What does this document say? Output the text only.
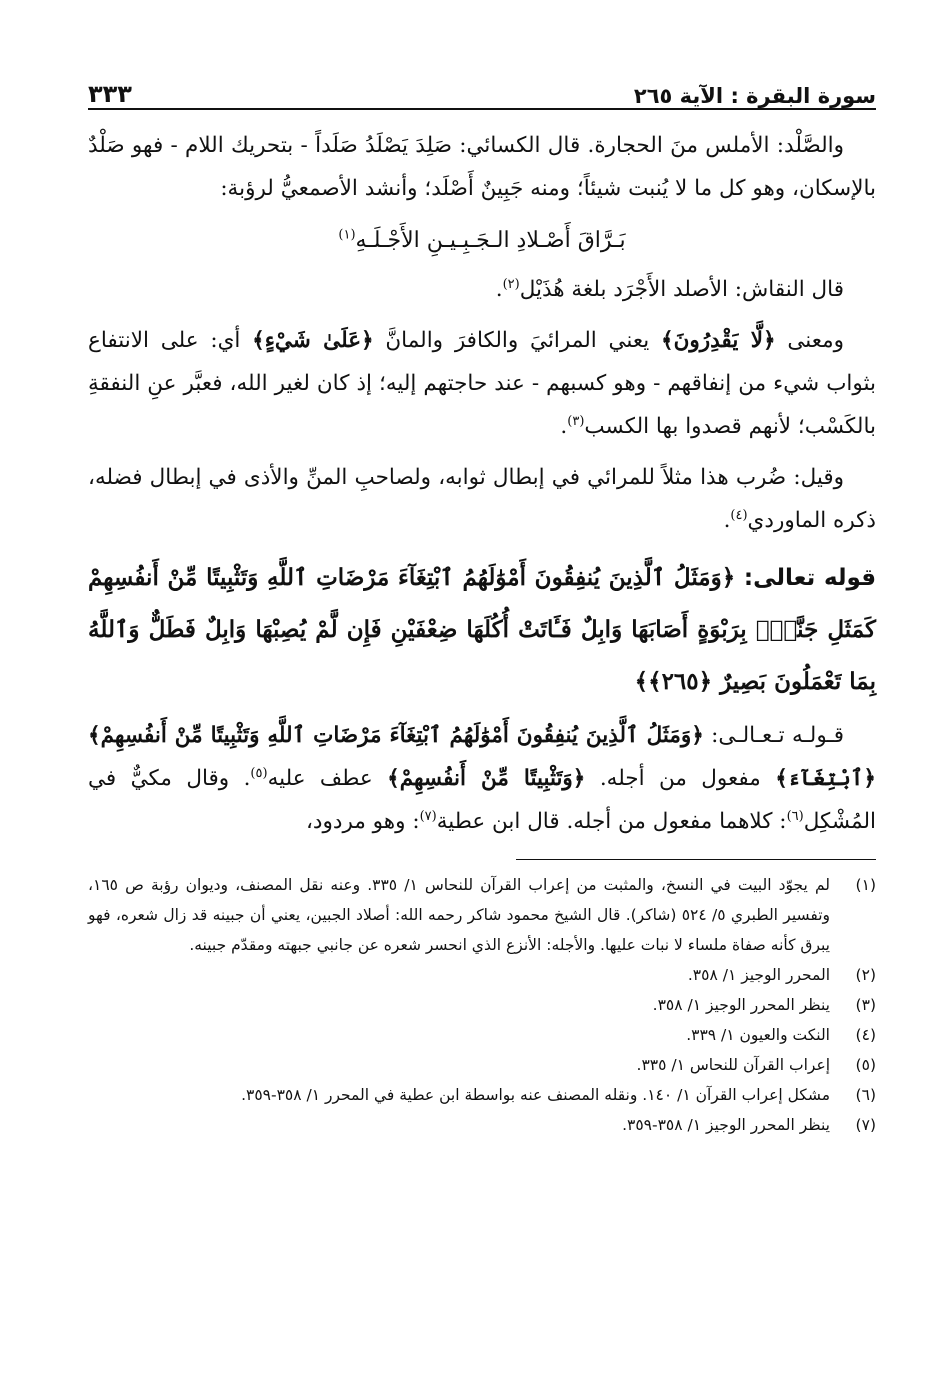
سورة البقرة : الآية ٢٦٥
٣٣٣

والصَّلْد: الأملس منَ الحجارة. قال الكسائي: صَلِدَ يَصْلَدُ صَلَداً - بتحريك اللام - فهو صَلْدٌ بالإسكان، وهو كل ما لا يُنبت شيئاً؛ ومنه جَبِينٌ أَصْلَد؛ وأنشد الأصمعيُّ لرؤبة:

بَـرَّاقَ أَصْـلادِ الـجَـبِـيـنِ الأَجْـلَـهِ$^{(١)}$

قال النقاش: الأصلد الأَجْرَد بلغة هُذَيْل$^{(٢)}$.

ومعنى ﴿لَّا يَقْدِرُونَ﴾ يعني المرائيَ والكافرَ والمانَّ ﴿عَلَىٰ شَيْءٍ﴾ أي: على الانتفاع بثواب شيء من إنفاقهم - وهو كسبهم - عند حاجتهم إليه؛ إذ كان لغير الله، فعبَّر عنِ النفقةِ بالكَسْب؛ لأنهم قصدوا بها الكسب$^{(٣)}$.

وقيل: ضُرب هذا مثلاً للمرائي في إبطال ثوابه، ولصاحبِ المنِّ والأذى في إبطال فضله، ذكره الماوردي$^{(٤)}$.

قوله تعالى: ﴿وَمَثَلُ ٱلَّذِينَ يُنفِقُونَ أَمْوَٰلَهُمُ ٱبْتِغَآءَ مَرْضَاتِ ٱللَّهِ وَتَثْبِيتًا مِّنْ أَنفُسِهِمْ كَمَثَلِ جَنَّةٍۭ بِرَبْوَةٍ أَصَابَهَا وَابِلٌ فَـَٔاتَتْ أُكُلَهَا ضِعْفَيْنِ فَإِن لَّمْ يُصِبْهَا وَابِلٌ فَطَلٌّ وَٱللَّهُ بِمَا تَعْمَلُونَ بَصِيرٌ ﴿٢٦٥﴾﴾

قـولـه تـعـالـى: ﴿وَمَثَلُ ٱلَّذِينَ يُنفِقُونَ أَمْوَٰلَهُمُ ٱبْتِغَآءَ مَرْضَاتِ ٱللَّهِ وَتَثْبِيتًا مِّنْ أَنفُسِهِمْ﴾ ﴿ٱبْتِغَآءَ﴾ مفعول من أجله. ﴿وَتَثْبِيتًا مِّنْ أَنفُسِهِمْ﴾ عطف عليه$^{(٥)}$. وقال مكيٌّ في المُشْكِل$^{(٦)}$: كلاهما مفعول من أجله. قال ابن عطية$^{(٧)}$: وهو مردود،

(١)
لم يجوّد البيت في النسخ، والمثبت من إعراب القرآن للنحاس ١/ ٣٣٥. وعنه نقل المصنف، وديوان رؤبة ص ١٦٥، وتفسير الطبري ٥/ ٥٢٤ (شاكر). قال الشيخ محمود شاكر رحمه الله: أصلاد الجبين، يعني أن جبينه قد زال شعره، فهو يبرق كأنه صفاة ملساء لا نبات عليها. والأجله: الأنزع الذي انحسر شعره عن جانبي جبهته ومقدّم جبينه.
(٢)
المحرر الوجيز ١/ ٣٥٨.
(٣)
ينظر المحرر الوجيز ١/ ٣٥٨.
(٤)
النكت والعيون ١/ ٣٣٩.
(٥)
إعراب القرآن للنحاس ١/ ٣٣٥.
(٦)
مشكل إعراب القرآن ١/ ١٤٠. ونقله المصنف عنه بواسطة ابن عطية في المحرر ١/ ٣٥٨-٣٥٩.
(٧)
ينظر المحرر الوجيز ١/ ٣٥٨-٣٥٩.
